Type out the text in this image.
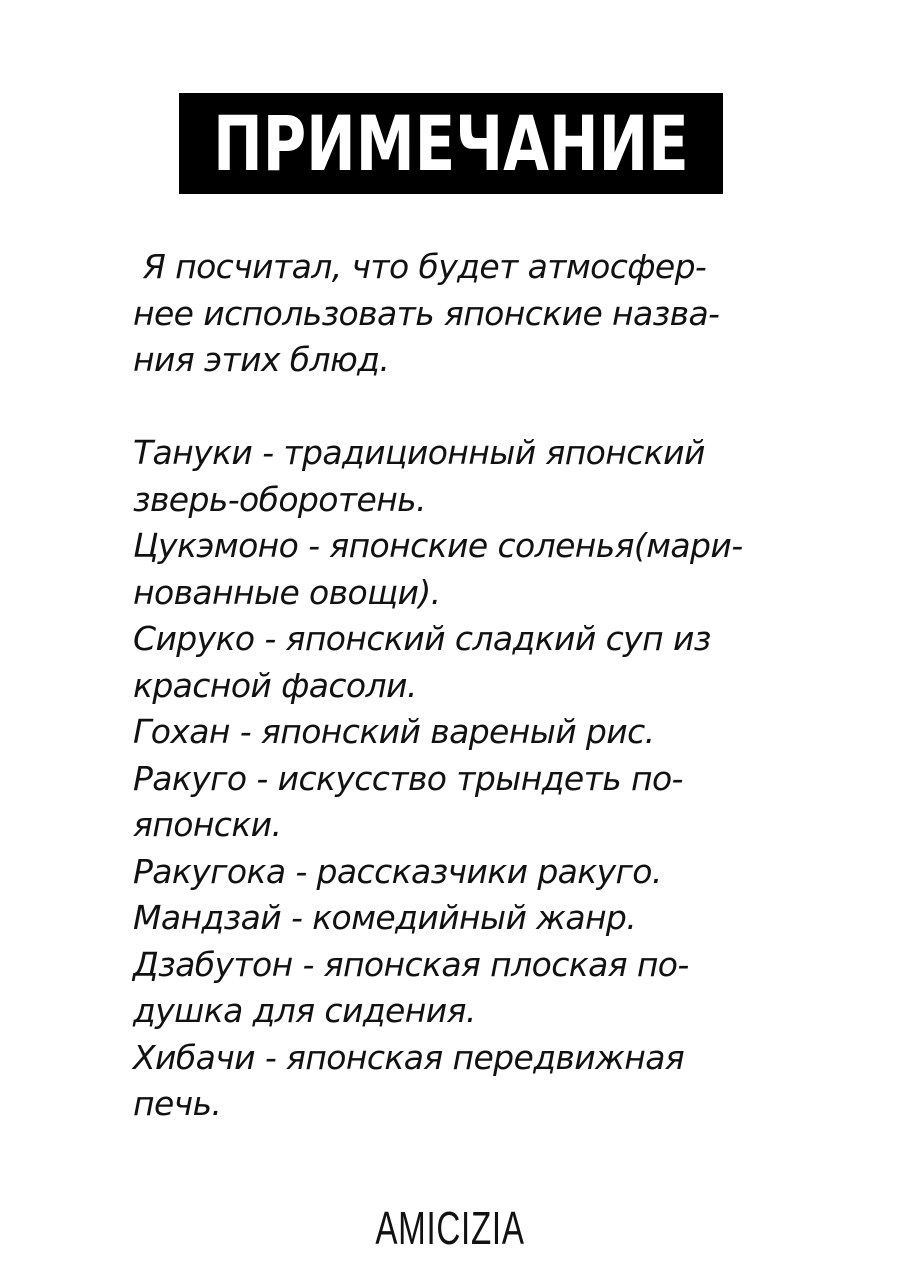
ПРИМЕЧАНИЕ
Я посчитал, что будет атмосфер-
нее использовать японские назва-
ния этих блюд.
Тануки - традиционный японский
зверь-оборотень.
Цукэмоно - японские соленья(мари-
нованные овощи).
Сируко - японский сладкий суп из
красной фасоли.
Гохан - японский вареный рис.
Ракуго - искусство трындеть по-
японски.
Ракугока - рассказчики ракуго.
Мандзай - комедийный жанр.
Дзабутон - японская плоская по-
душка для сидения.
Хибачи - японская передвижная
печь.
AMICIZIA
